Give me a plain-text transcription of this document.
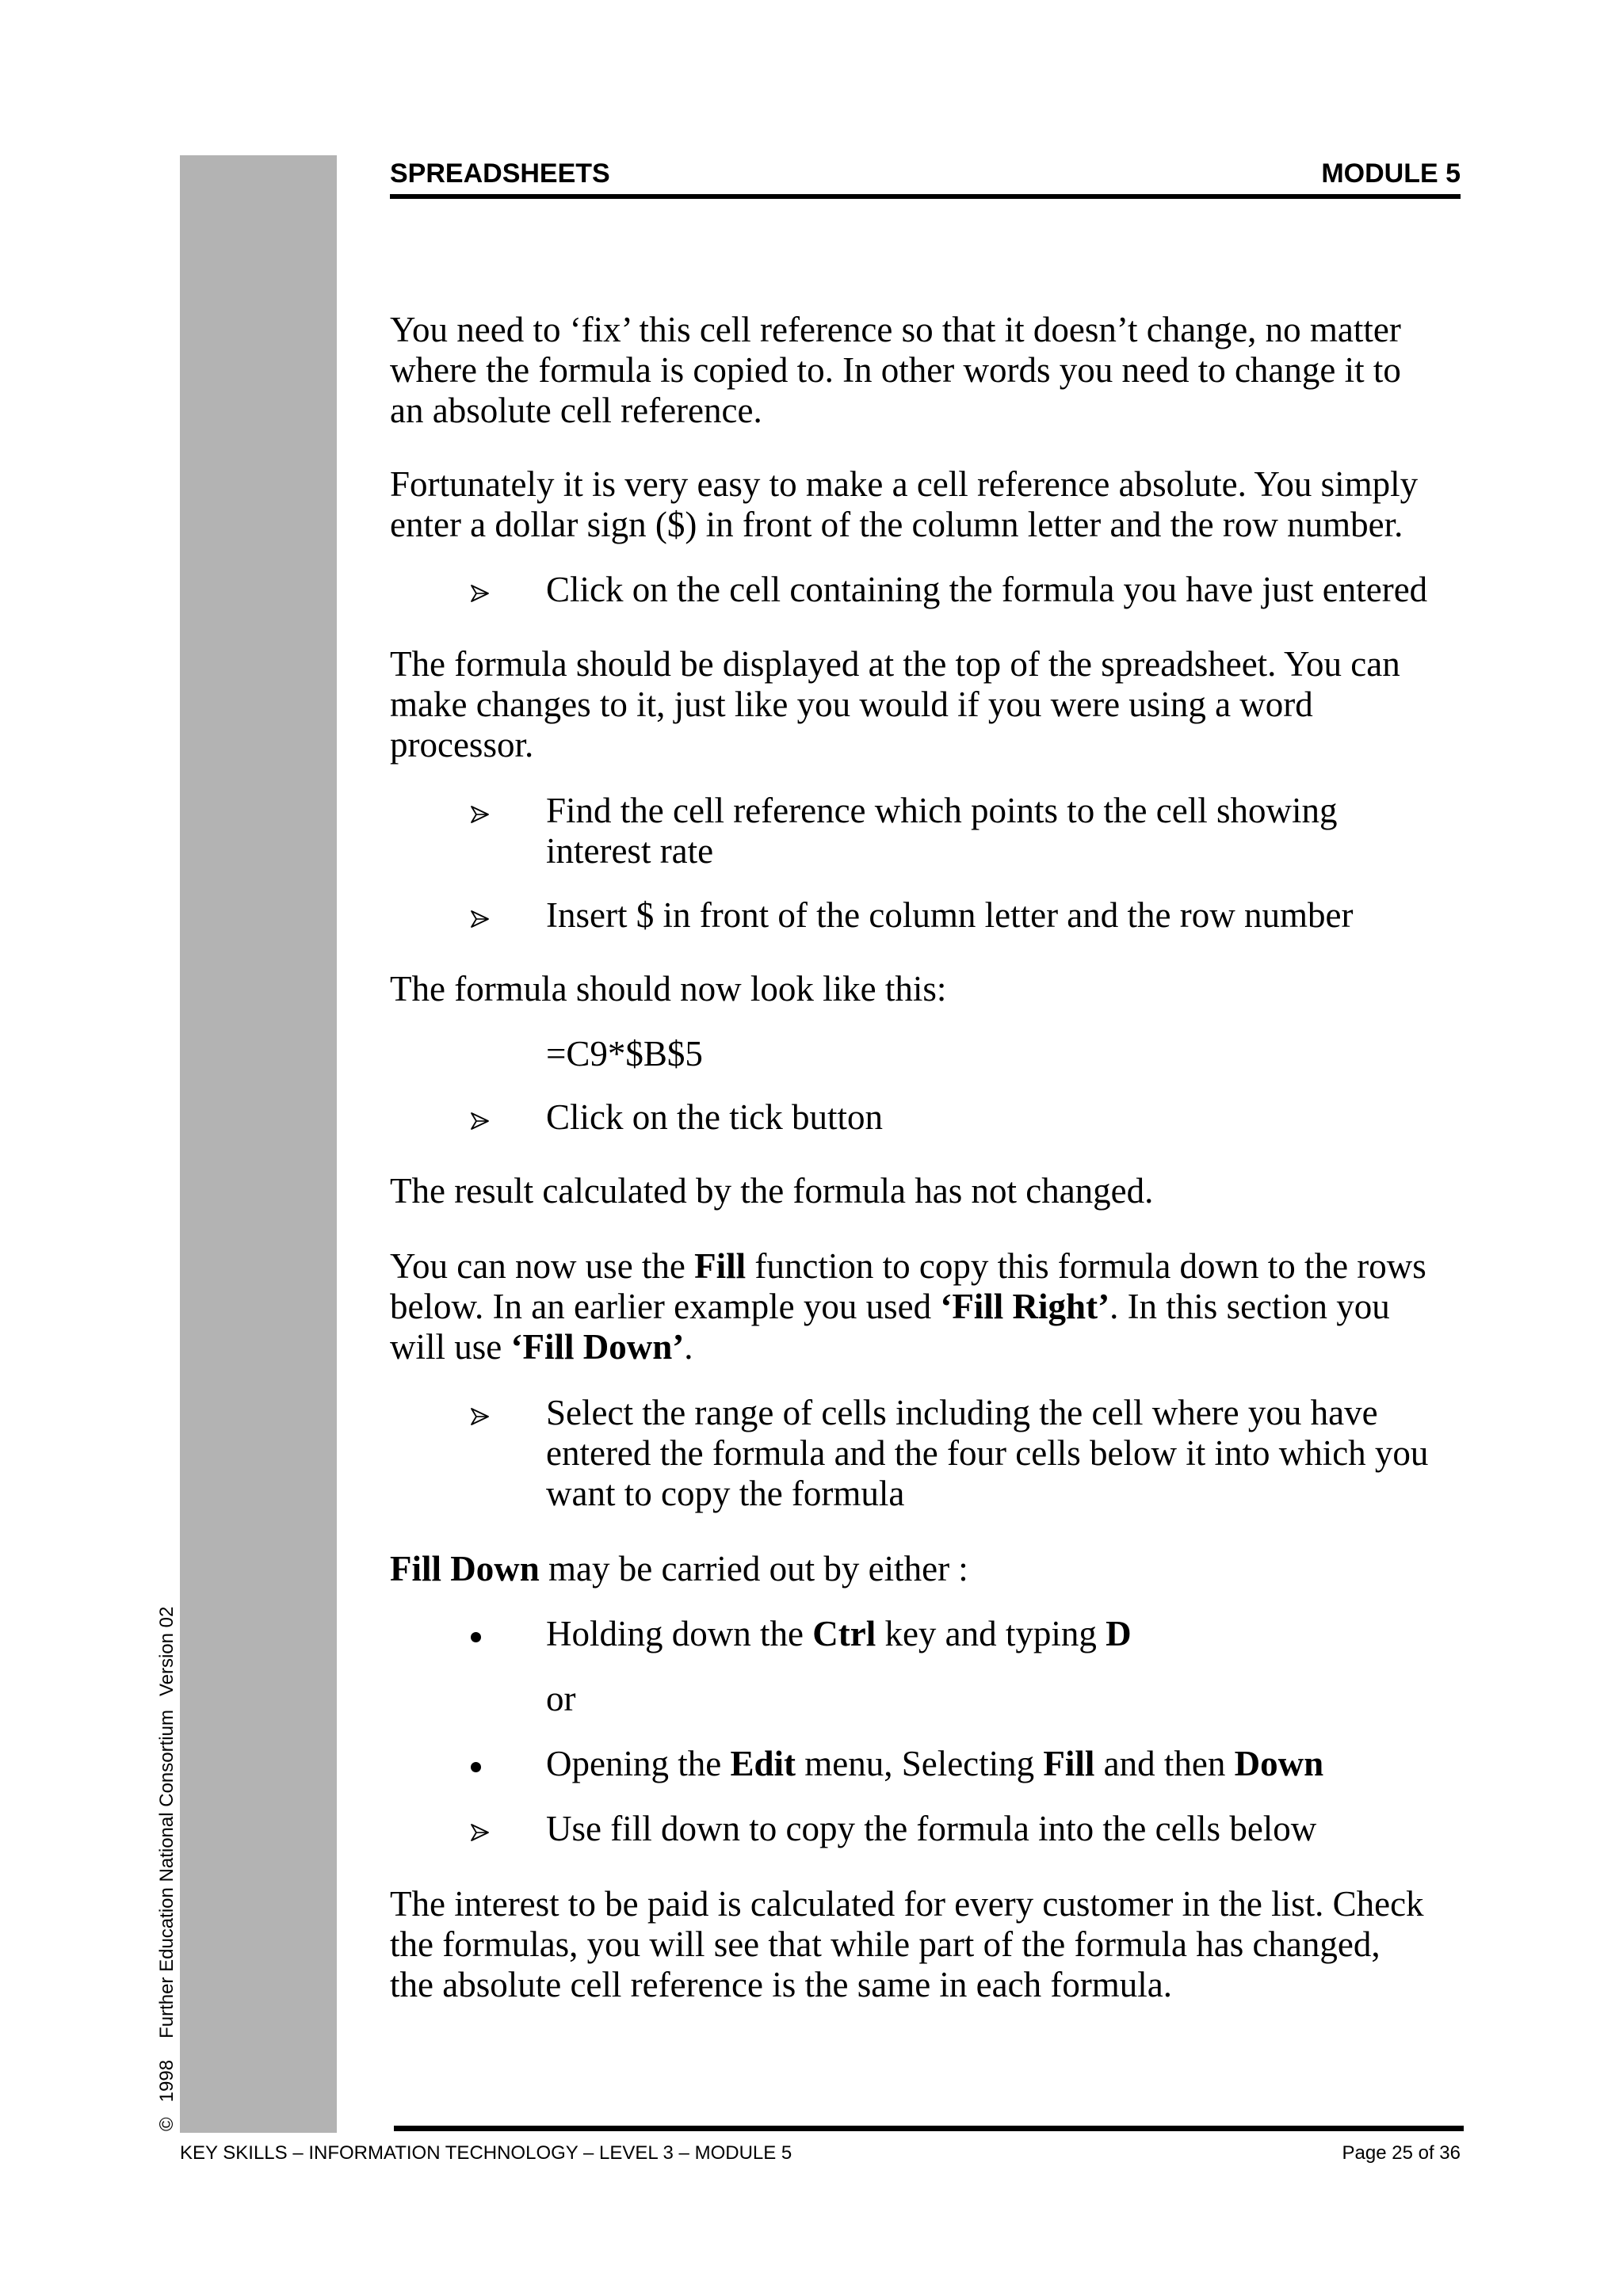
©1998Further Education National ConsortiumVersion 02
SPREADSHEETS	MODULE 5
You need to ‘fix’ this cell reference so that it doesn’t change, no matter
where the formula is copied to. In other words you need to change it to
an absolute cell reference.
Fortunately it is very easy to make a cell reference absolute. You simply
enter a dollar sign ($) in front of the column letter and the row number.
Click on the cell containing the formula you have just entered
The formula should be displayed at the top of the spreadsheet. You can
make changes to it, just like you would if you were using a word
processor.
Find the cell reference which points to the cell showing
interest rate
Insert $ in front of the column letter and the row number
The formula should now look like this:
=C9*$B$5
Click on the tick button
The result calculated by the formula has not changed.
You can now use the Fill function to copy this formula down to the rows
below. In an earlier example you used ‘Fill Right’. In this section you
will use ‘Fill Down’.
Select the range of cells including the cell where you have
entered the formula and the four cells below it into which you
want to copy the formula
Fill Down may be carried out by either :
Holding down the Ctrl key and typing D
or
Opening the Edit menu, Selecting Fill and then Down
Use fill down to copy the formula into the cells below
The interest to be paid is calculated for every customer in the list. Check
the formulas, you will see that while part of the formula has changed,
the absolute cell reference is the same in each formula.
KEY SKILLS – INFORMATION TECHNOLOGY – LEVEL 3 – MODULE 5	Page 25 of 36
